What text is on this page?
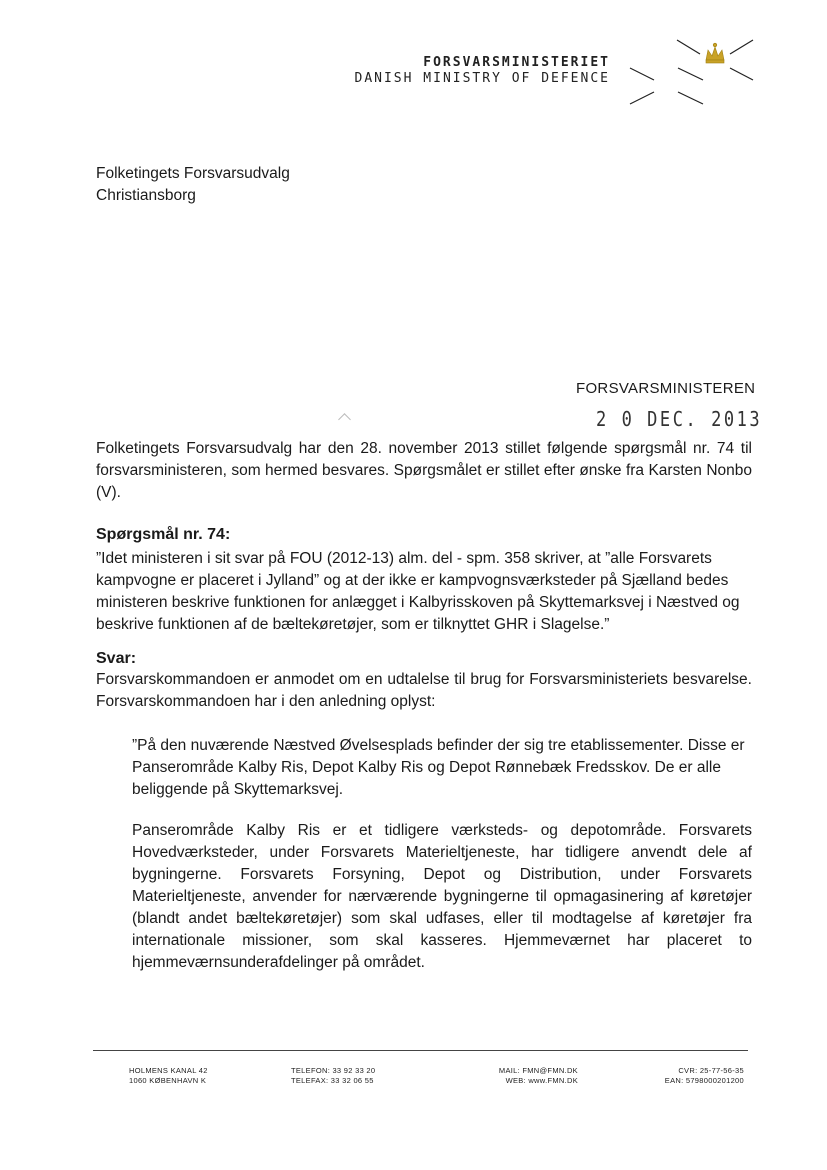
FORSVARSMINISTERIET
DANISH MINISTRY OF DEFENCE
Folketingets Forsvarsudvalg
Christiansborg
FORSVARSMINISTEREN
2 0 DEC. 2013
Folketingets Forsvarsudvalg har den 28. november 2013 stillet følgende spørgsmål nr. 74 til forsvarsministeren, som hermed besvares. Spørgsmålet er stillet efter ønske fra Karsten Nonbo (V).
Spørgsmål nr. 74:
”Idet ministeren i sit svar på FOU (2012-13) alm. del - spm. 358 skriver, at ”alle Forsvarets kampvogne er placeret i Jylland” og at der ikke er kampvognsværksteder på Sjælland bedes ministeren beskrive funktionen for anlægget i Kalbyrisskoven på Skyttemarksvej i Næstved og beskrive funktionen af de bæltekøretøjer, som er tilknyttet GHR i Slagelse.”
Svar:
Forsvarskommandoen er anmodet om en udtalelse til brug for Forsvarsministeriets besvarelse. Forsvarskommandoen har i den anledning oplyst:
”På den nuværende Næstved Øvelsesplads befinder der sig tre etablissementer. Disse er Panserområde Kalby Ris, Depot Kalby Ris og Depot Rønnebæk Fredsskov. De er alle beliggende på Skyttemarksvej.
Panserområde Kalby Ris er et tidligere værksteds- og depotområde. Forsvarets Hovedværksteder, under Forsvarets Materieltjeneste, har tidligere anvendt dele af bygningerne. Forsvarets Forsyning, Depot og Distribution, under Forsvarets Materieltjeneste, anvender for nærværende bygningerne til opmagasinering af køretøjer (blandt andet bæltekøretøjer) som skal udfases, eller til modtagelse af køretøjer fra internationale missioner, som skal kasseres. Hjemmeværnet har placeret to hjemmeværnsunderafdelinger på området.
HOLMENS KANAL 42
1060 KØBENHAVN K
TELEFON: 33 92 33 20
TELEFAX: 33 32 06 55
MAIL: FMN@FMN.DK
WEB: www.FMN.DK
CVR: 25-77-56-35
EAN: 5798000201200
